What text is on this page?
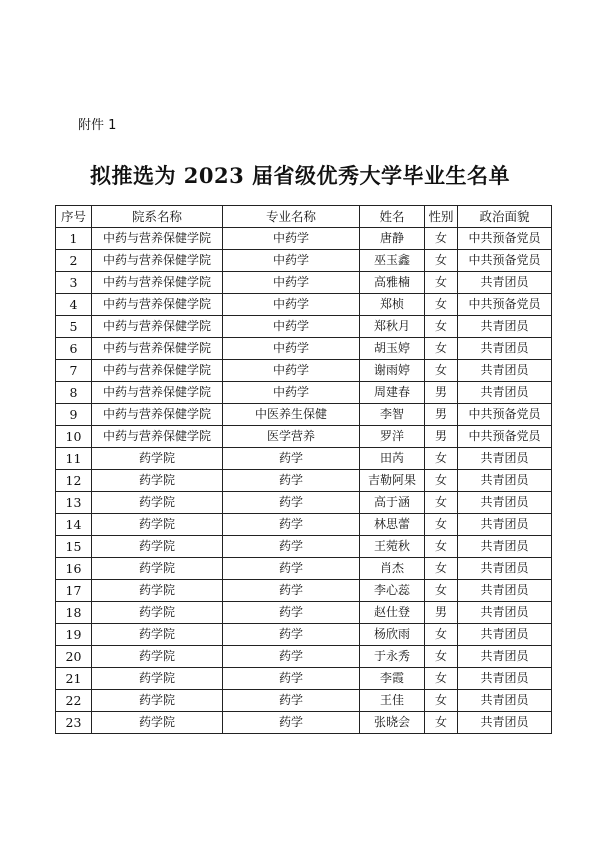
附件 1
拟推选为 2023 届省级优秀大学毕业生名单
序号	院系名称	专业名称	姓名	性别	政治面貌
1	中药与营养保健学院	中药学	唐静	女	中共预备党员
2	中药与营养保健学院	中药学	巫玉鑫	女	中共预备党员
3	中药与营养保健学院	中药学	高雅楠	女	共青团员
4	中药与营养保健学院	中药学	郑桢	女	中共预备党员
5	中药与营养保健学院	中药学	郑秋月	女	共青团员
6	中药与营养保健学院	中药学	胡玉婷	女	共青团员
7	中药与营养保健学院	中药学	谢雨婷	女	共青团员
8	中药与营养保健学院	中药学	周建春	男	共青团员
9	中药与营养保健学院	中医养生保健	李智	男	中共预备党员
10	中药与营养保健学院	医学营养	罗洋	男	中共预备党员
11	药学院	药学	田芮	女	共青团员
12	药学院	药学	吉勒阿果	女	共青团员
13	药学院	药学	高于涵	女	共青团员
14	药学院	药学	林思蕾	女	共青团员
15	药学院	药学	王菀秋	女	共青团员
16	药学院	药学	肖杰	女	共青团员
17	药学院	药学	李心蕊	女	共青团员
18	药学院	药学	赵仕登	男	共青团员
19	药学院	药学	杨欣雨	女	共青团员
20	药学院	药学	于永秀	女	共青团员
21	药学院	药学	李霞	女	共青团员
22	药学院	药学	王佳	女	共青团员
23	药学院	药学	张晓会	女	共青团员
